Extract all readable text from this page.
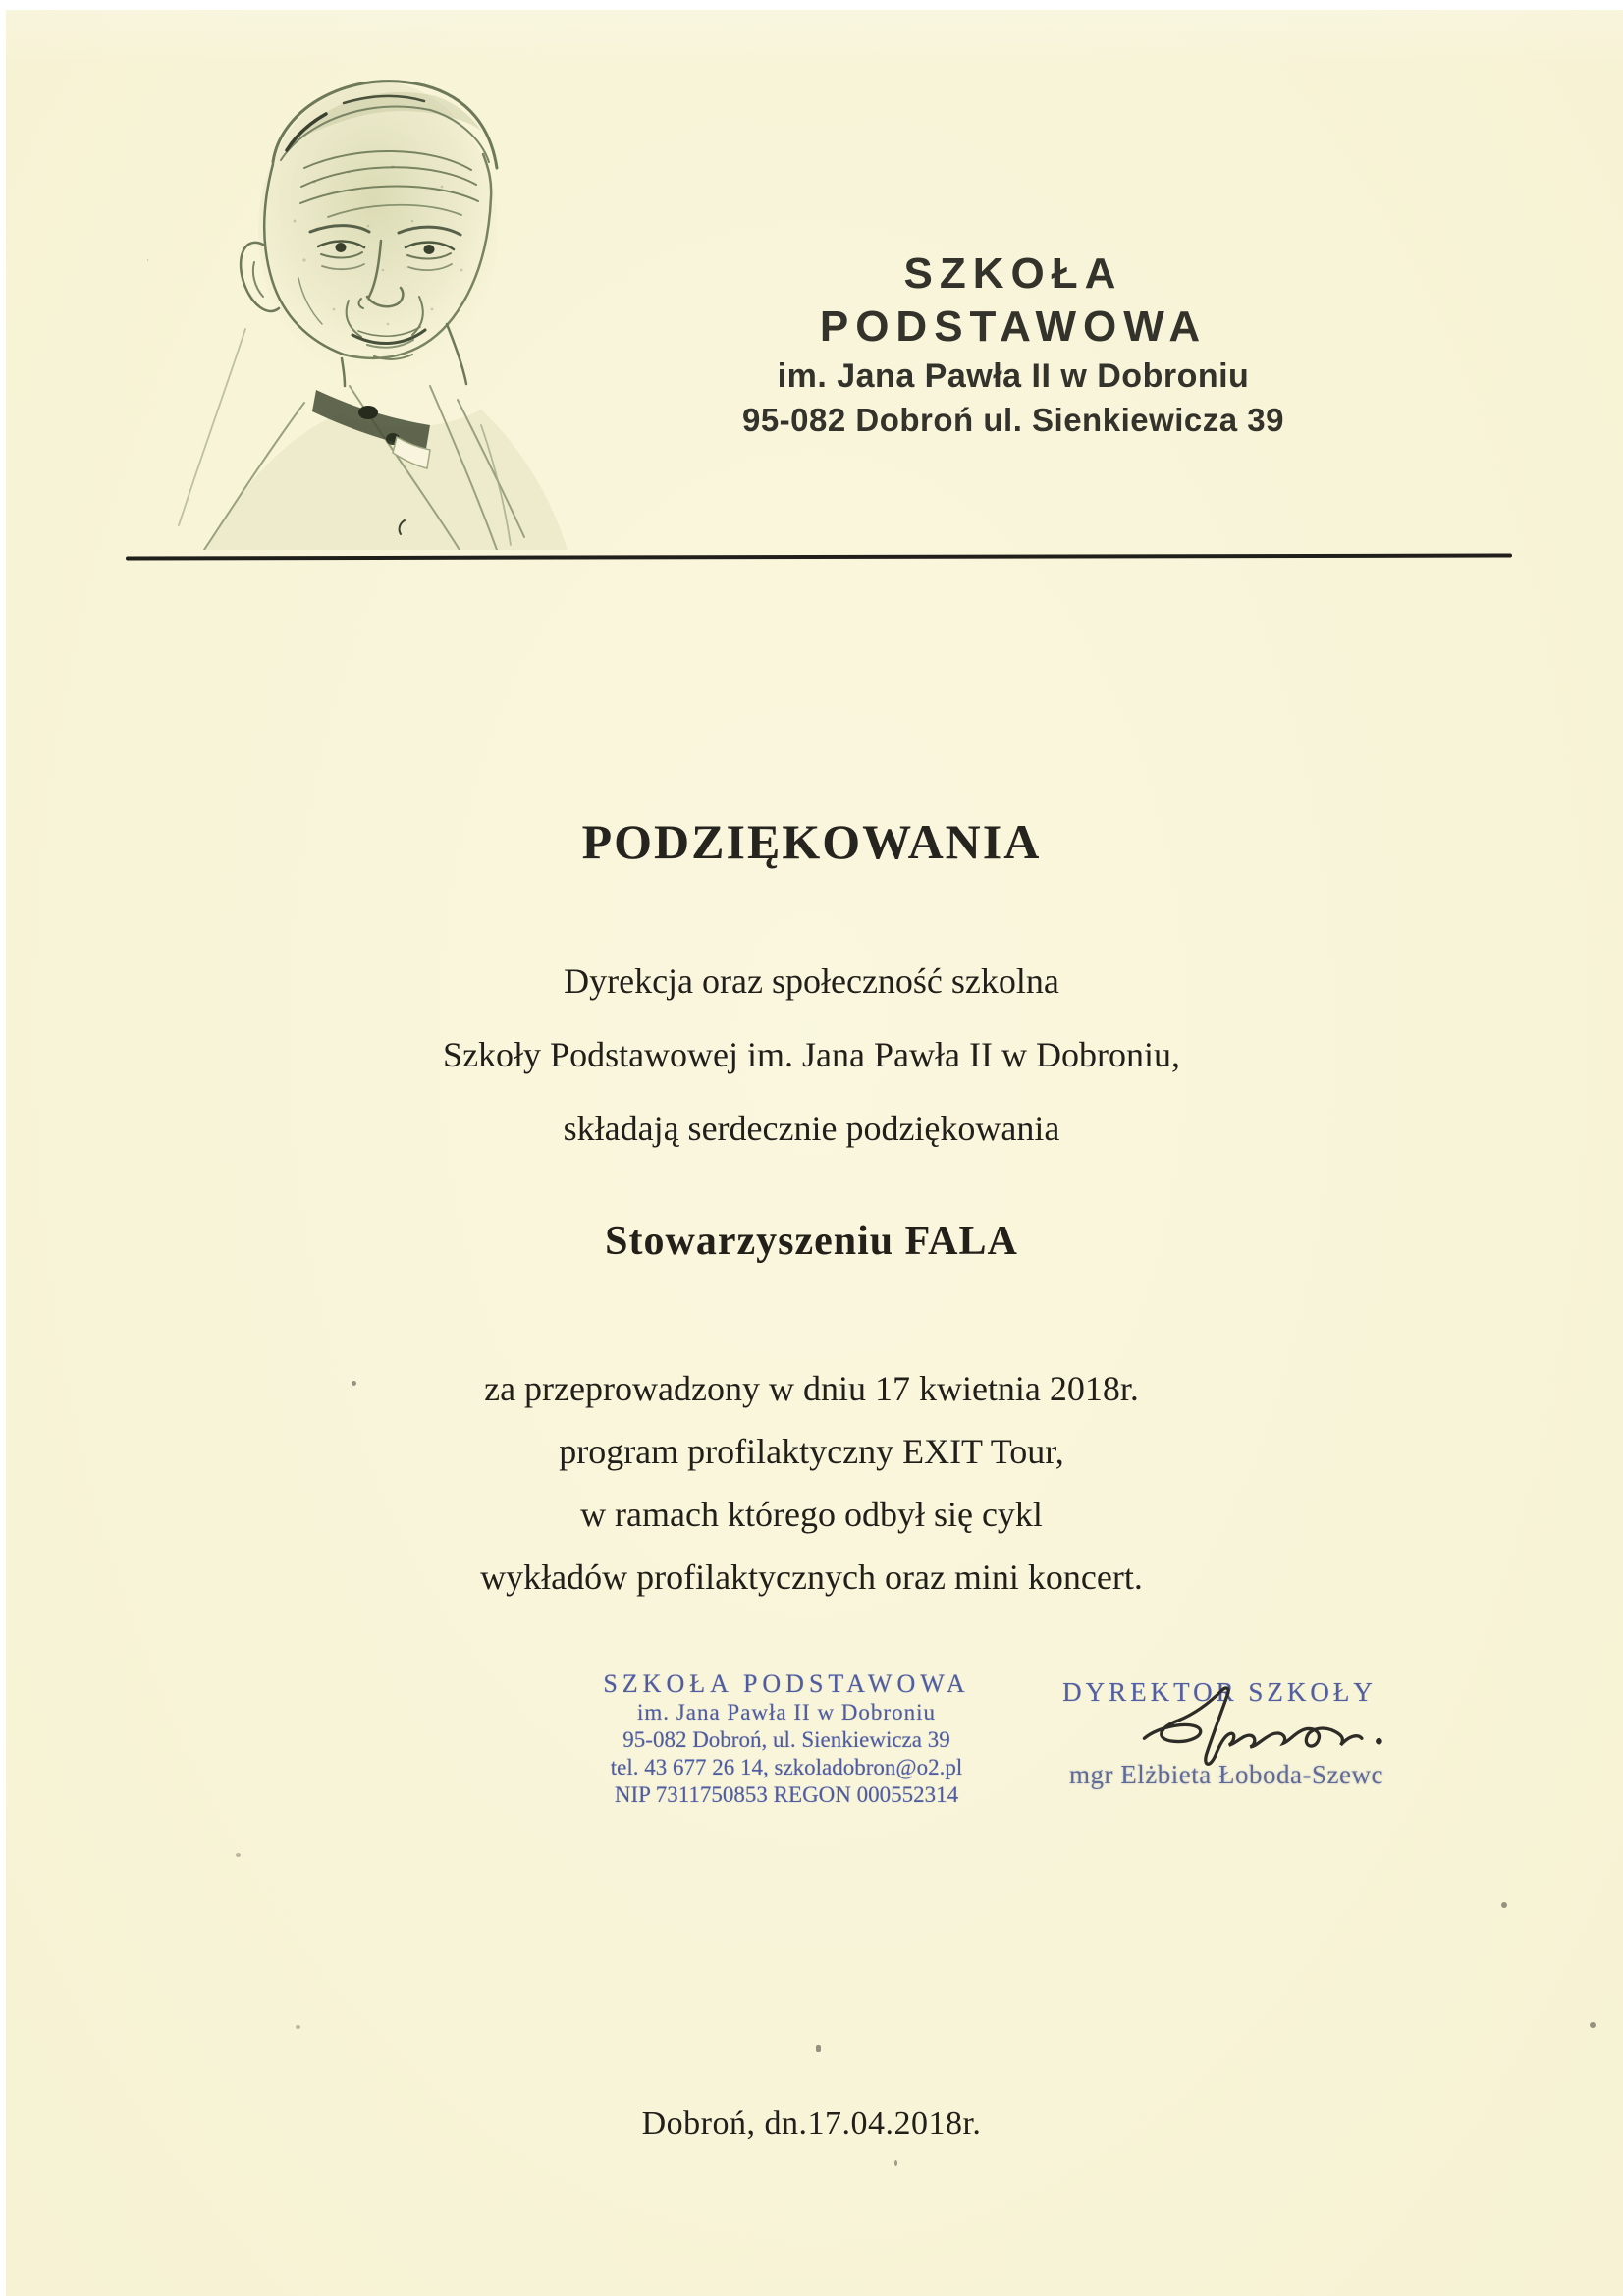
SZKOŁA PODSTAWOWA
im. Jana Pawła II w Dobroniu
95-082 Dobroń ul. Sienkiewicza 39
PODZIĘKOWANIA
Dyrekcja oraz społeczność szkolna
Szkoły Podstawowej im. Jana Pawła II w Dobroniu,
składają serdecznie podziękowania
Stowarzyszeniu FALA
za przeprowadzony w dniu 17 kwietnia 2018r.
program profilaktyczny EXIT Tour,
w ramach którego odbył się cykl
wykładów profilaktycznych oraz mini koncert.
SZKOŁA PODSTAWOWA
im. Jana Pawła II w Dobroniu
95-082 Dobroń, ul. Sienkiewicza 39
tel. 43 677 26 14, szkoladobron@o2.pl
NIP 7311750853 REGON 000552314
DYREKTOR SZKOŁY
mgr Elżbieta Łoboda-Szewc
Dobroń, dn.17.04.2018r.
